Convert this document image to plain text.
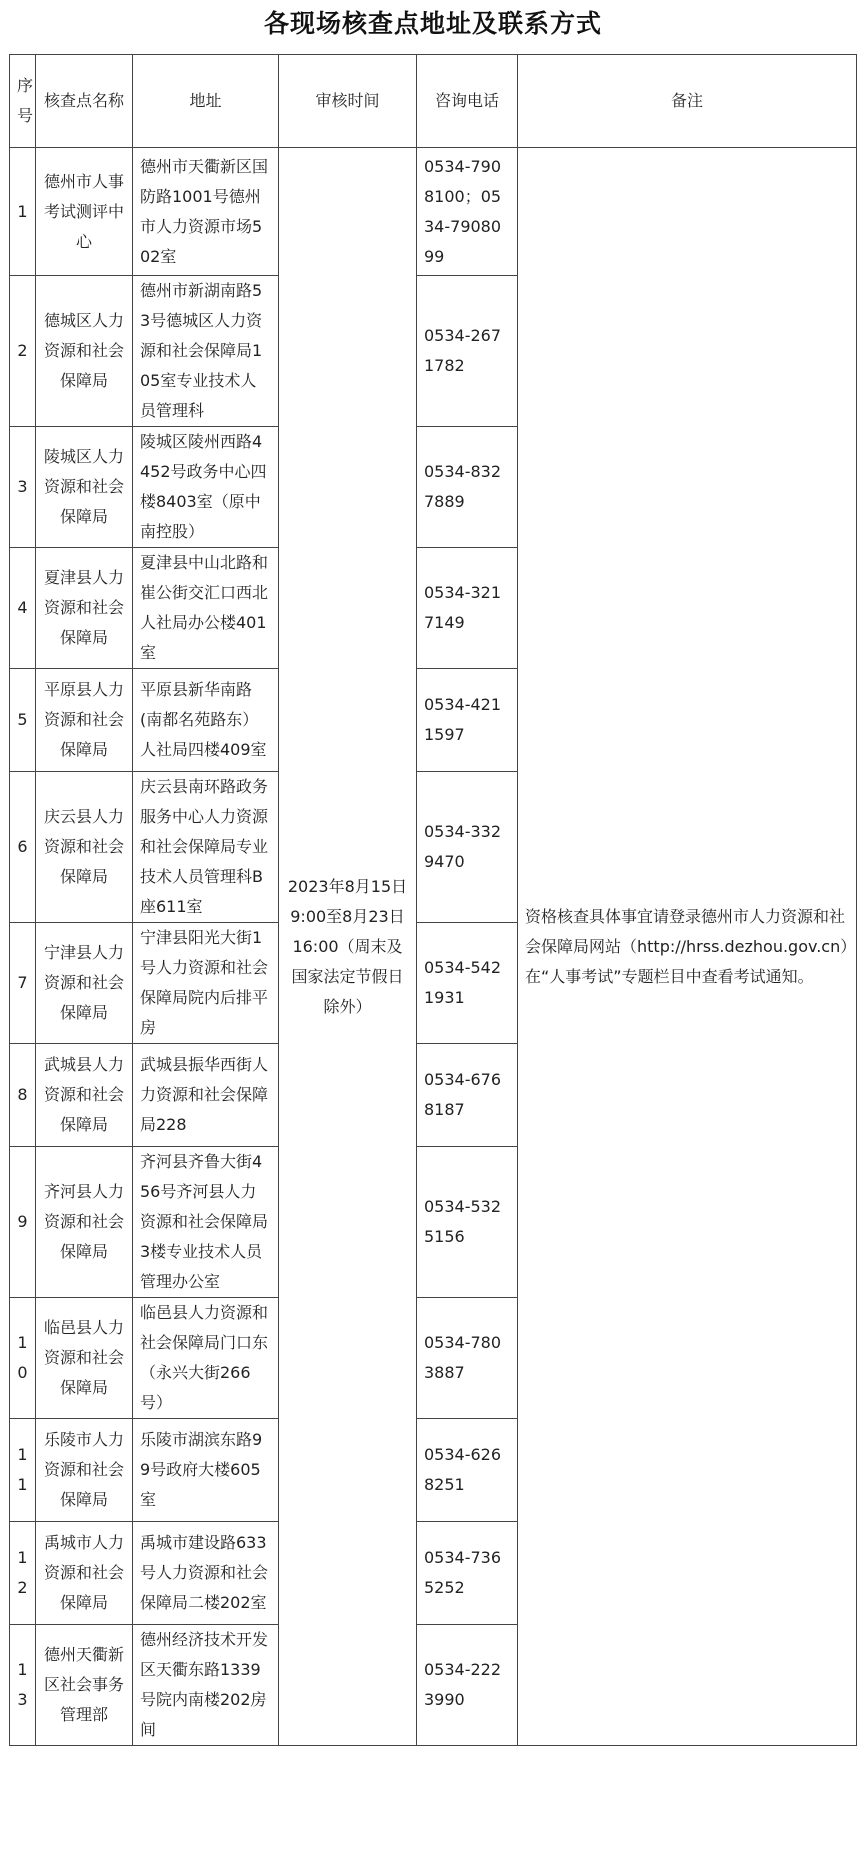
各现场核查点地址及联系方式
序号	核查点名称	地址	审核时间	咨询电话	备注
1	德州市人事考试测评中心	德州市天衢新区国防路1001号德州市人力资源市场502室	2023年8月15日9:00至8月23日16:00（周末及国家法定节假日除外）	0534-7908100；0534-7908099	资格核查具体事宜请登录德州市人力资源和社会保障局网站（http://hrss.dezhou.gov.cn）在“人事考试”专题栏目中查看考试通知。
2	德城区人力资源和社会保障局	德州市新湖南路53号德城区人力资源和社会保障局105室专业技术人员管理科		0534-2671782	
3	陵城区人力资源和社会保障局	陵城区陵州西路4452号政务中心四楼8403室（原中南控股）		0534-8327889	
4	夏津县人力资源和社会保障局	夏津县中山北路和崔公街交汇口西北人社局办公楼401室		0534-3217149	
5	平原县人力资源和社会保障局	平原县新华南路(南都名苑路东）人社局四楼409室		0534-4211597	
6	庆云县人力资源和社会保障局	庆云县南环路政务服务中心人力资源和社会保障局专业技术人员管理科B座611室		0534-3329470	
7	宁津县人力资源和社会保障局	宁津县阳光大街1号人力资源和社会保障局院内后排平房		0534-5421931	
8	武城县人力资源和社会保障局	武城县振华西街人力资源和社会保障局228		0534-6768187	
9	齐河县人力资源和社会保障局	齐河县齐鲁大街456号齐河县人力资源和社会保障局3楼专业技术人员管理办公室		0534-5325156	
10	临邑县人力资源和社会保障局	临邑县人力资源和社会保障局门口东（永兴大街266号）		0534-7803887	
11	乐陵市人力资源和社会保障局	乐陵市湖滨东路99号政府大楼605室		0534-6268251	
12	禹城市人力资源和社会保障局	禹城市建设路633号人力资源和社会保障局二楼202室		0534-7365252	
13	德州天衢新区社会事务管理部	德州经济技术开发区天衢东路1339号院内南楼202房间		0534-2223990	
